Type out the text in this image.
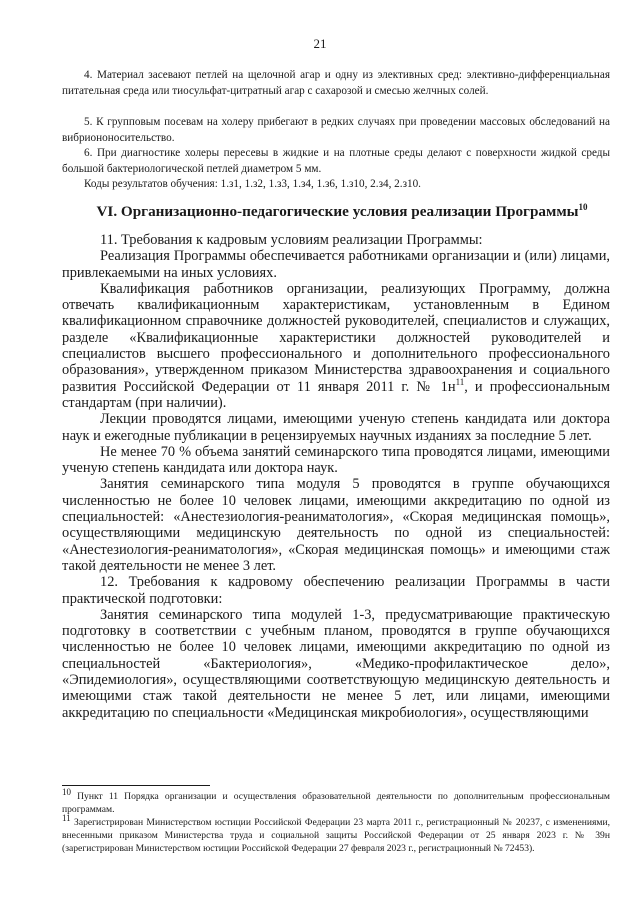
21

4. Материал засевают петлей на щелочной агар и одну из элективных сред: элективно-дифференциальная питательная среда или тиосульфат-цитратный агар с сахарозой и смесью желчных солей.

5. К групповым посевам на холеру прибегают в редких случаях при проведении массовых обследований на вибриононосительство.

6. При диагностике холеры пересевы в жидкие и на плотные среды делают с поверхности жидкой среды большой бактериологической петлей диаметром 5 мм.

Коды результатов обучения: 1.з1, 1.з2, 1.з3, 1.з4, 1.з6, 1.з10, 2.з4, 2.з10.

VI. Организационно-педагогические условия реализации Программы$^{10}$

11. Требования к кадровым условиям реализации Программы:

Реализация Программы обеспечивается работниками организации и (или) лицами, привлекаемыми на иных условиях.

Квалификация работников организации, реализующих Программу, должна отвечать квалификационным характеристикам, установленным в Едином квалификационном справочнике должностей руководителей, специалистов и служащих, разделе «Квалификационные характеристики должностей руководителей и специалистов высшего профессионального и дополнительного профессионального образования», утвержденном приказом Министерства здравоохранения и социального развития Российской Федерации от 11 января 2011 г. № $1н^{11}$, и профессиональным стандартам (при наличии).

Лекции проводятся лицами, имеющими ученую степень кандидата или доктора наук и ежегодные публикации в рецензируемых научных изданиях за последние 5 лет.

Не менее 70 % объема занятий семинарского типа проводятся лицами, имеющими ученую степень кандидата или доктора наук.

Занятия семинарского типа модуля 5 проводятся в группе обучающихся численностью не более 10 человек лицами, имеющими аккредитацию по одной из специальностей: «Анестезиология-реаниматология», «Скорая медицинская помощь», осуществляющими медицинскую деятельность по одной из специальностей: «Анестезиология-реаниматология», «Скорая медицинская помощь» и имеющими стаж такой деятельности не менее 3 лет.

12. Требования к кадровому обеспечению реализации Программы в части практической подготовки:

Занятия семинарского типа модулей 1-3, предусматривающие практическую подготовку в соответствии с учебным планом, проводятся в группе обучающихся численностью не более 10 человек лицами, имеющими аккредитацию по одной из специальностей «Бактериология», «Медико-профилактическое дело», «Эпидемиология», осуществляющими соответствующую медицинскую деятельность и имеющими стаж такой деятельности не менее 5 лет, или лицами, имеющими аккредитацию по специальности «Медицинская микробиология», осуществляющими

$^{10}$ Пункт 11 Порядка организации и осуществления образовательной деятельности по дополнительным профессиональным программам.

$^{11}$ Зарегистрирован Министерством юстиции Российской Федерации 23 марта 2011 г., регистрационный № 20237, с изменениями, внесенными приказом Министерства труда и социальной защиты Российской Федерации от 25 января 2023 г. № 39н (зарегистрирован Министерством юстиции Российской Федерации 27 февраля 2023 г., регистрационный № 72453).
